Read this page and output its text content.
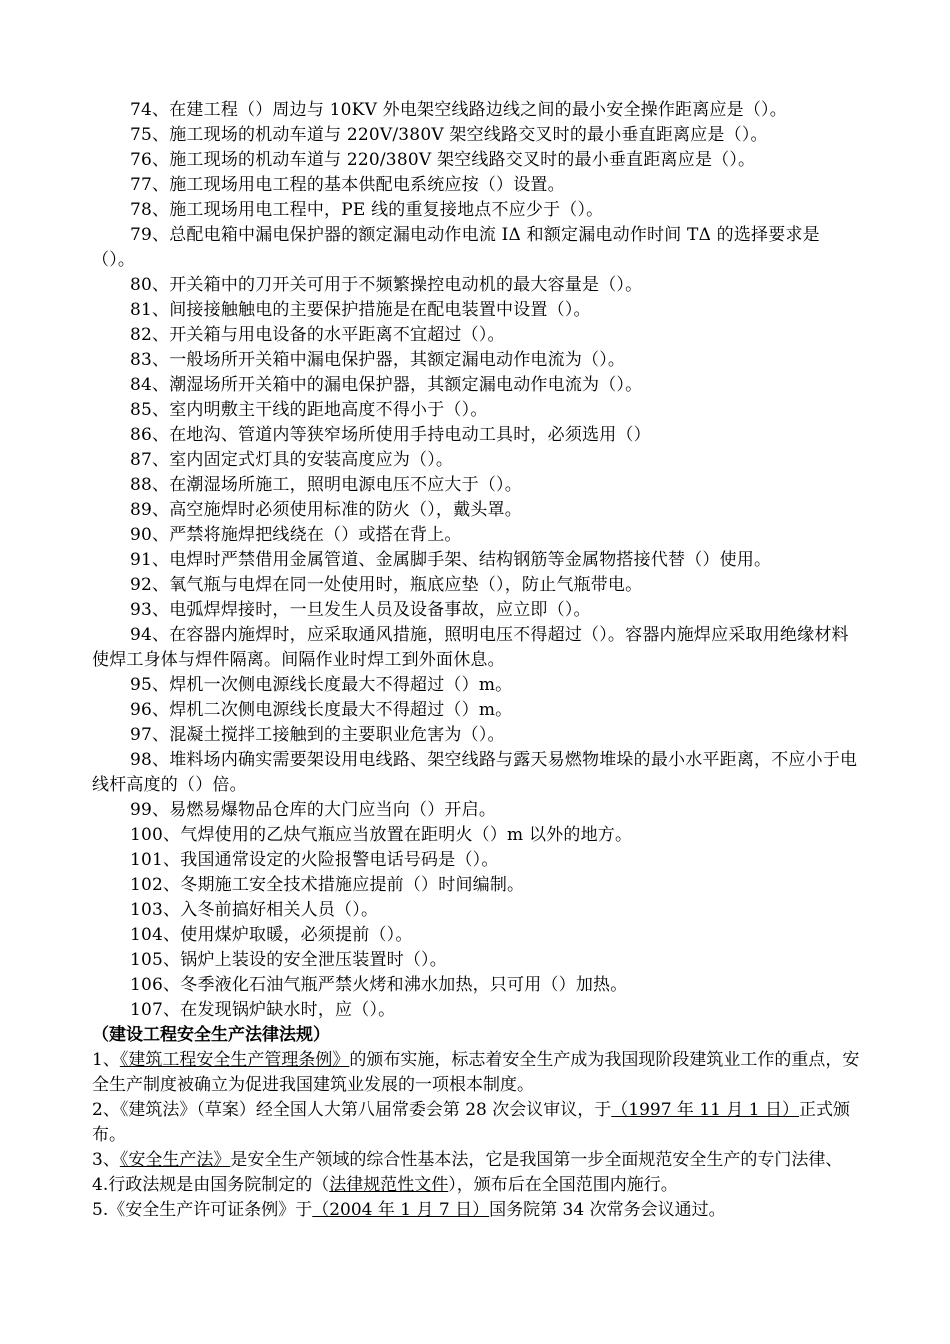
74、在建工程（）周边与 10KV 外电架空线路边线之间的最小安全操作距离应是（）。

75、施工现场的机动车道与 220V/380V 架空线路交叉时的最小垂直距离应是（）。

76、施工现场的机动车道与 220/380V 架空线路交叉时的最小垂直距离应是（）。

77、施工现场用电工程的基本供配电系统应按（）设置。

78、施工现场用电工程中，PE 线的重复接地点不应少于（）。

79、总配电箱中漏电保护器的额定漏电动作电流 IΔ 和额定漏电动作时间 TΔ 的选择要求是（）。

80、开关箱中的刀开关可用于不频繁操控电动机的最大容量是（）。

81、间接接触触电的主要保护措施是在配电装置中设置（）。

82、开关箱与用电设备的水平距离不宜超过（）。

83、一般场所开关箱中漏电保护器，其额定漏电动作电流为（）。

84、潮湿场所开关箱中的漏电保护器，其额定漏电动作电流为（）。

85、室内明敷主干线的距地高度不得小于（）。

86、在地沟、管道内等狭窄场所使用手持电动工具时，必须选用（）

87、室内固定式灯具的安装高度应为（）。

88、在潮湿场所施工，照明电源电压不应大于（）。

89、高空施焊时必须使用标准的防火（），戴头罩。

90、严禁将施焊把线绕在（）或搭在背上。

91、电焊时严禁借用金属管道、金属脚手架、结构钢筋等金属物搭接代替（）使用。

92、氧气瓶与电焊在同一处使用时，瓶底应垫（），防止气瓶带电。

93、电弧焊焊接时，一旦发生人员及设备事故，应立即（）。

94、在容器内施焊时，应采取通风措施，照明电压不得超过（）。容器内施焊应采取用绝缘材料使焊工身体与焊件隔离。间隔作业时焊工到外面休息。

95、焊机一次侧电源线长度最大不得超过（）m。

96、焊机二次侧电源线长度最大不得超过（）m。

97、混凝土搅拌工接触到的主要职业危害为（）。

98、堆料场内确实需要架设用电线路、架空线路与露天易燃物堆垛的最小水平距离，不应小于电线杆高度的（）倍。

99、易燃易爆物品仓库的大门应当向（）开启。

100、气焊使用的乙炔气瓶应当放置在距明火（）m 以外的地方。

101、我国通常设定的火险报警电话号码是（）。

102、冬期施工安全技术措施应提前（）时间编制。

103、入冬前搞好相关人员（）。

104、使用煤炉取暖，必须提前（）。

105、锅炉上装设的安全泄压装置时（）。

106、冬季液化石油气瓶严禁火烤和沸水加热，只可用（）加热。

107、在发现锅炉缺水时，应（）。

（建设工程安全生产法律法规）

1、《建筑工程安全生产管理条例》的颁布实施，标志着安全生产成为我国现阶段建筑业工作的重点，安全生产制度被确立为促进我国建筑业发展的一项根本制度。

2、《建筑法》（草案）经全国人大第八届常委会第 28 次会议审议，于（1997 年 11 月 1 日）正式颁布。

3、《安全生产法》是安全生产领域的综合性基本法，它是我国第一步全面规范安全生产的专门法律、

4.行政法规是由国务院制定的（法律规范性文件），颁布后在全国范围内施行。

5.《安全生产许可证条例》于（2004 年 1 月 7 日）国务院第 34 次常务会议通过。
